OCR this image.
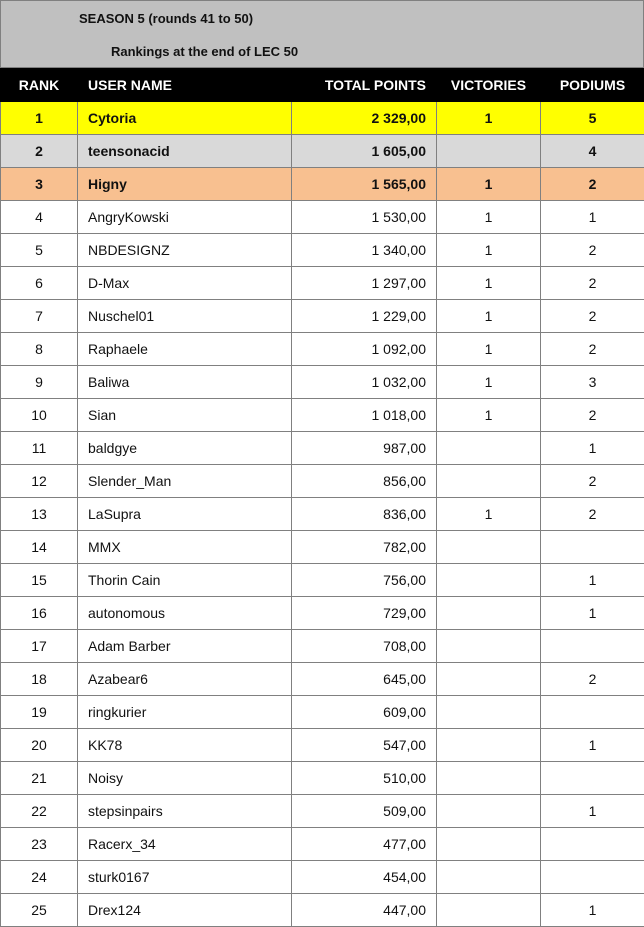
SEASON 5 (rounds 41 to 50)
Rankings at the end of LEC 50
RANK	USER NAME	TOTAL POINTS	VICTORIES	PODIUMS
1	Cytoria	2 329,00	1	5
2	teensonacid	1 605,00		4
3	Higny	1 565,00	1	2
4	AngryKowski	1 530,00	1	1
5	NBDESIGNZ	1 340,00	1	2
6	D-Max	1 297,00	1	2
7	Nuschel01	1 229,00	1	2
8	Raphaele	1 092,00	1	2
9	Baliwa	1 032,00	1	3
10	Sian	1 018,00	1	2
11	baldgye	987,00		1
12	Slender_Man	856,00		2
13	LaSupra	836,00	1	2
14	MMX	782,00		
15	Thorin Cain	756,00		1
16	autonomous	729,00		1
17	Adam Barber	708,00		
18	Azabear6	645,00		2
19	ringkurier	609,00		
20	KK78	547,00		1
21	Noisy	510,00		
22	stepsinpairs	509,00		1
23	Racerx_34	477,00		
24	sturk0167	454,00		
25	Drex124	447,00		1
